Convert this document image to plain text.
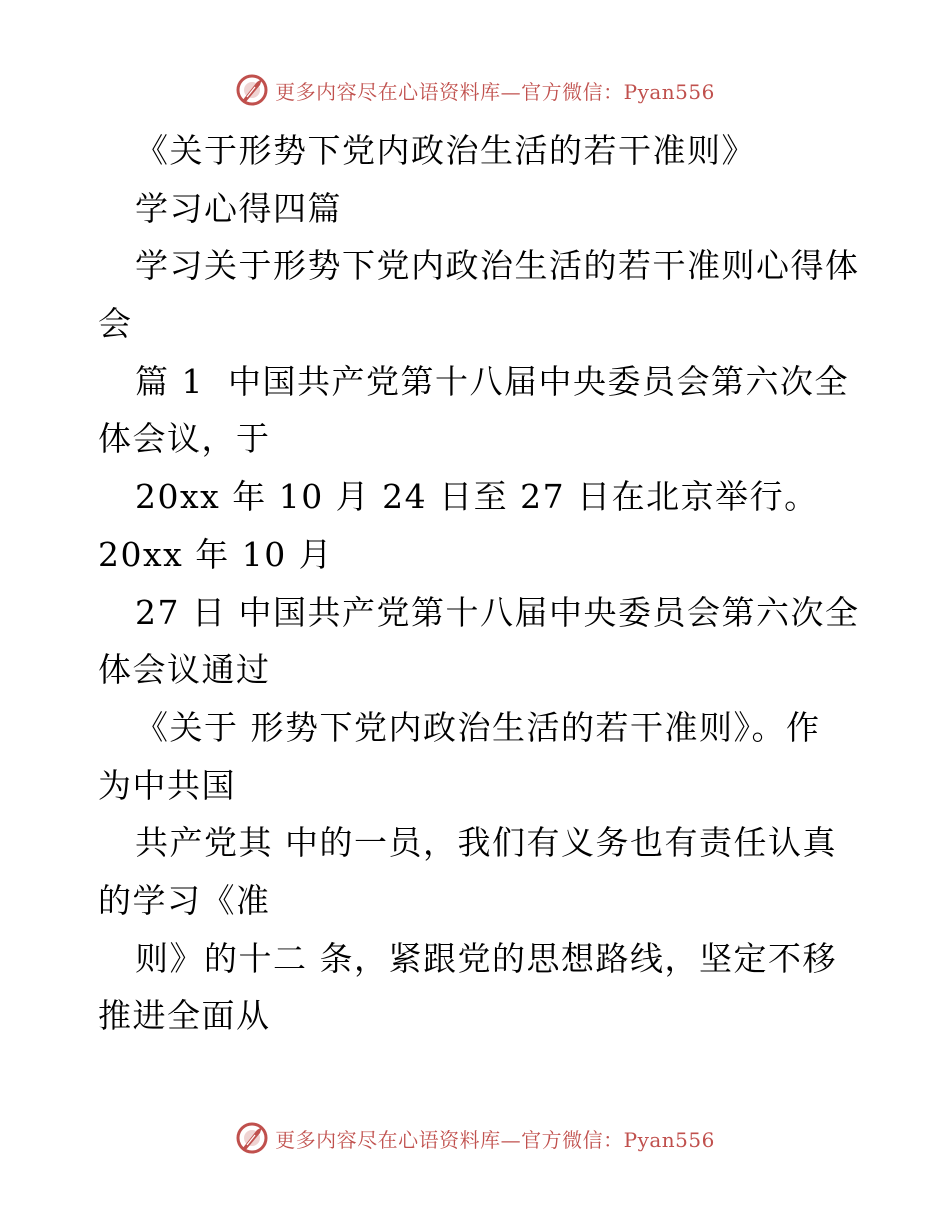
更多内容尽在心语资料库—官方微信：Pyan556
《关于形势下党内政治生活的若干准则》
学习心得四篇
学习关于形势下党内政治生活的若干准则心得体
会
篇 1  中国共产党第十八届中央委员会第六次全
体会议，于
20xx 年 10 月 24 日至 27 日在北京举行。
20xx 年 10 月
27 日 中国共产党第十八届中央委员会第六次全
体会议通过
《关于 形势下党内政治生活的若干准则》。作
为中共国
共产党其 中的一员，我们有义务也有责任认真
的学习《准
则》的十二 条，紧跟党的思想路线，坚定不移
推进全面从
更多内容尽在心语资料库—官方微信：Pyan556
